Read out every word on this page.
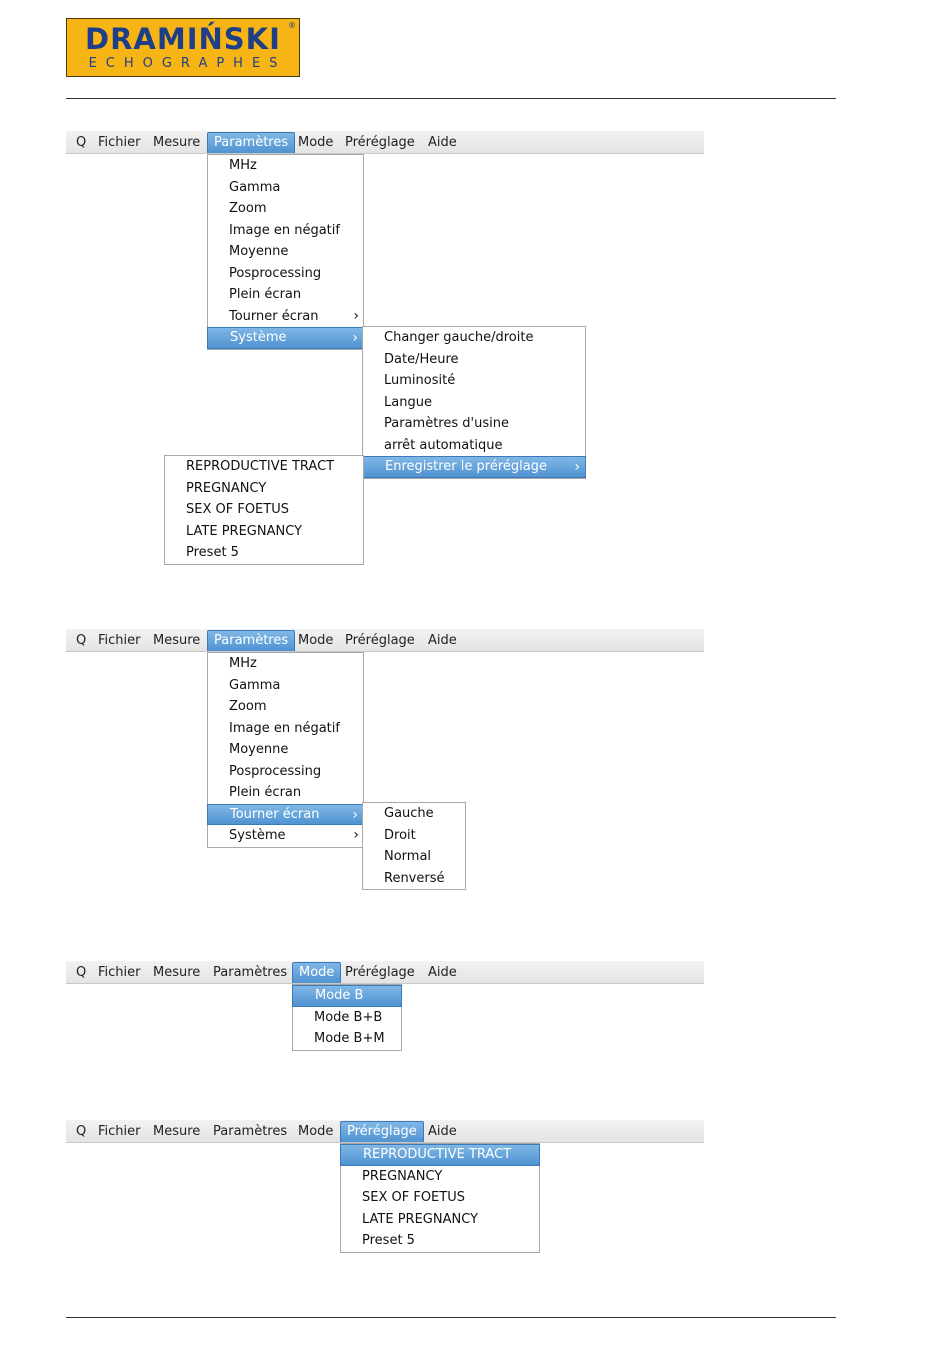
DRAMIŃSKI
ECHOGRAPHES
®
Q Fichier Mesure	Paramètres Mode Préréglage	Aide
MHz
Gamma
Zoom
Image en négatif
Moyenne
Posprocessing
Plein écran
Tourner écran ›
Système	›	Changer gauche/droite
Date/Heure
Luminosité
Langue
Paramètres d'usine
arrêt automatique
Enregistrer le préréglage ›
REPRODUCTIVE TRACT
PREGNANCY
SEX OF FOETUS
LATE PREGNANCY
Preset 5
Q Fichier Mesure	Paramètres Mode Préréglage	Aide
MHz
Gamma
Zoom
Image en négatif
Moyenne
Posprocessing
Plein écran
Tourner écran ›
Système	›
Gauche
Droit
Normal
Renversé
Q Fichier Mesure Paramètres Mode Préréglage	Aide
Mode B
Mode B+B
Mode B+M
Q Fichier Mesure Paramètres Mode	Préréglage Aide
REPRODUCTIVE TRACT
PREGNANCY
SEX OF FOETUS
LATE PREGNANCY
Preset 5
